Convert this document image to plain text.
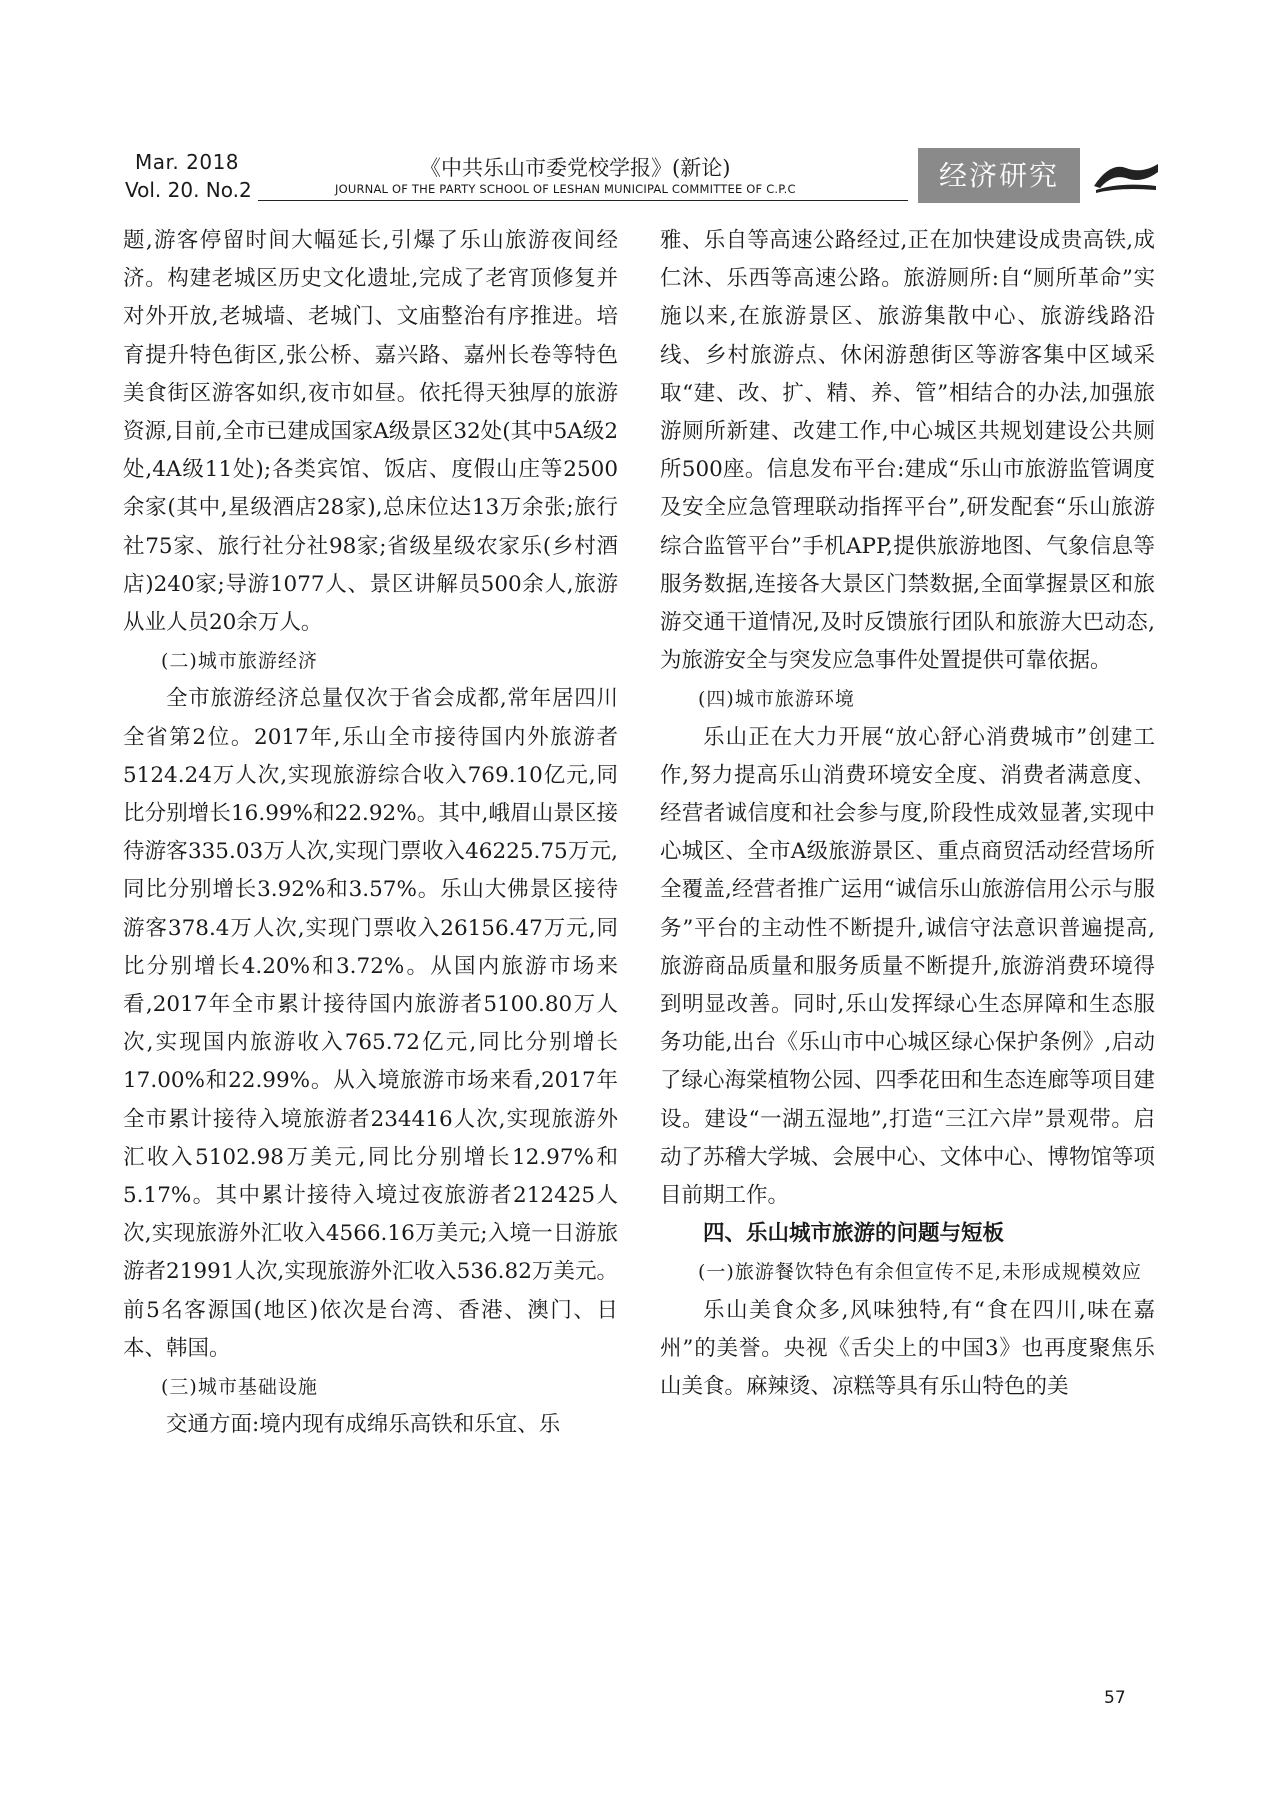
Mar. 2018
Vol. 20. No.2
《中共乐山市委党校学报》(新论)
JOURNAL OF THE PARTY SCHOOL OF LESHAN MUNICIPAL COMMITTEE OF C.P.C	经济研究

题,游客停留时间大幅延长,引爆了乐山旅游夜间经济。构建老城区历史文化遗址,完成了老宵顶修复并对外开放,老城墙、老城门、文庙整治有序推进。培育提升特色街区,张公桥、嘉兴路、嘉州长卷等特色美食街区游客如织,夜市如昼。依托得天独厚的旅游资源,目前,全市已建成国家A级景区32处(其中5A级2处,4A级11处);各类宾馆、饭店、度假山庄等2500余家(其中,星级酒店28家),总床位达13万余张;旅行社75家、旅行社分社98家;省级星级农家乐(乡村酒店)240家;导游1077人、景区讲解员500余人,旅游从业人员20余万人。

(二)城市旅游经济

全市旅游经济总量仅次于省会成都,常年居四川全省第2位。2017年,乐山全市接待国内外旅游者5124.24万人次,实现旅游综合收入769.10亿元,同比分别增长16.99%和22.92%。其中,峨眉山景区接待游客335.03万人次,实现门票收入46225.75万元,同比分别增长3.92%和3.57%。乐山大佛景区接待游客378.4万人次,实现门票收入26156.47万元,同比分别增长4.20%和3.72%。从国内旅游市场来看,2017年全市累计接待国内旅游者5100.80万人次,实现国内旅游收入765.72亿元,同比分别增长17.00%和22.99%。从入境旅游市场来看,2017年全市累计接待入境旅游者234416人次,实现旅游外汇收入5102.98万美元,同比分别增长12.97%和5.17%。其中累计接待入境过夜旅游者212425人次,实现旅游外汇收入4566.16万美元;入境一日游旅游者21991人次,实现旅游外汇收入536.82万美元。前5名客源国(地区)依次是台湾、香港、澳门、日本、韩国。

(三)城市基础设施

交通方面:境内现有成绵乐高铁和乐宜、乐

雅、乐自等高速公路经过,正在加快建设成贵高铁,成仁沐、乐西等高速公路。旅游厕所:自“厕所革命”实施以来,在旅游景区、旅游集散中心、旅游线路沿线、乡村旅游点、休闲游憩街区等游客集中区域采取“建、改、扩、精、养、管”相结合的办法,加强旅游厕所新建、改建工作,中心城区共规划建设公共厕所500座。信息发布平台:建成“乐山市旅游监管调度及安全应急管理联动指挥平台”,研发配套“乐山旅游综合监管平台”手机APP,提供旅游地图、气象信息等服务数据,连接各大景区门禁数据,全面掌握景区和旅游交通干道情况,及时反馈旅行团队和旅游大巴动态,为旅游安全与突发应急事件处置提供可靠依据。

(四)城市旅游环境

乐山正在大力开展“放心舒心消费城市”创建工作,努力提高乐山消费环境安全度、消费者满意度、经营者诚信度和社会参与度,阶段性成效显著,实现中心城区、全市A级旅游景区、重点商贸活动经营场所全覆盖,经营者推广运用“诚信乐山旅游信用公示与服务”平台的主动性不断提升,诚信守法意识普遍提高,旅游商品质量和服务质量不断提升,旅游消费环境得到明显改善。同时,乐山发挥绿心生态屏障和生态服务功能,出台《乐山市中心城区绿心保护条例》,启动了绿心海棠植物公园、四季花田和生态连廊等项目建设。建设“一湖五湿地”,打造“三江六岸”景观带。启动了苏稽大学城、会展中心、文体中心、博物馆等项目前期工作。

四、乐山城市旅游的问题与短板

(一)旅游餐饮特色有余但宣传不足,未形成规模效应

乐山美食众多,风味独特,有“食在四川,味在嘉州”的美誉。央视《舌尖上的中国3》也再度聚焦乐山美食。麻辣烫、凉糕等具有乐山特色的美

57
